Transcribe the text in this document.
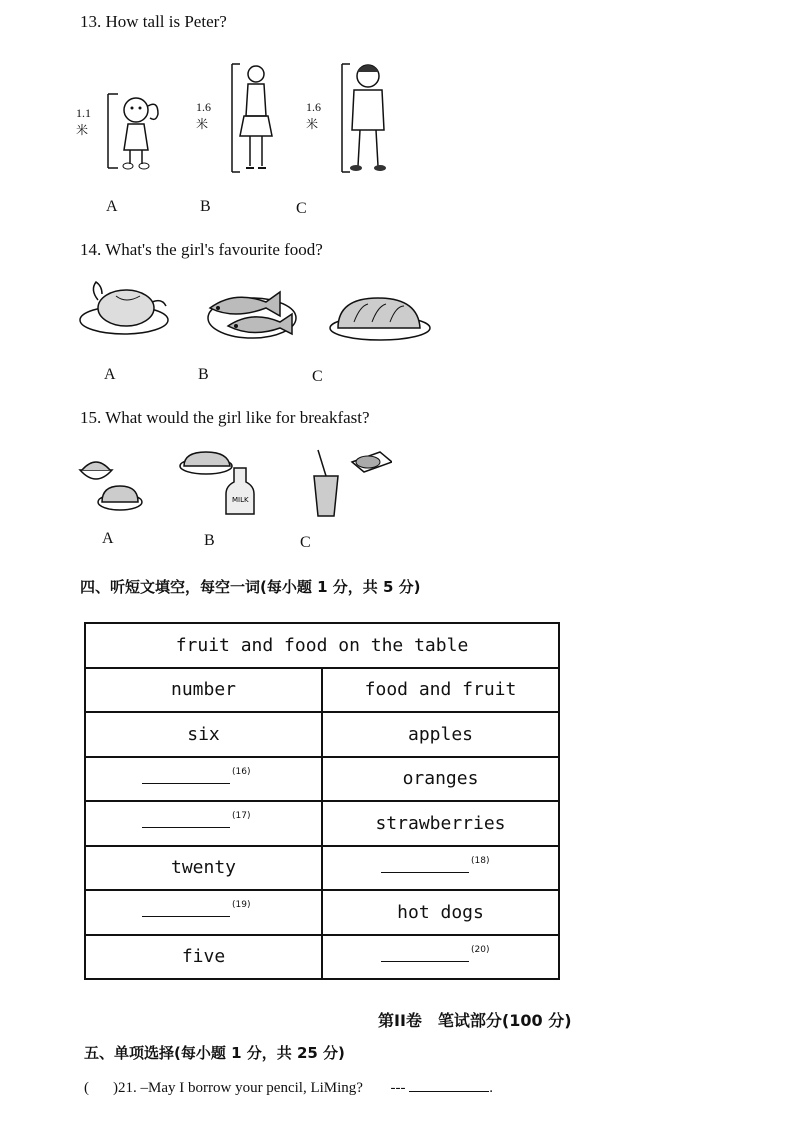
13. How tall is Peter?
1.1米
1.6米
1.6米
A	B	C
14. What's the girl's favourite food?
A	B	C
15. What would the girl like for breakfast?
MILK
A	B	C
四、听短文填空，每空一词(每小题 1 分，共 5 分)
fruit and food on the table	
number	food and fruit
six	apples

$^{(16)}$	oranges

$^{(17)}$	strawberries
twenty	$^{(18)}$

$^{(19)}$	hot dogs
five	$^{(20)}$
第II卷　笔试部分(100 分)
五、单项选择(每小题 1 分，共 25 分)
( )21. –May I borrow your pencil, LiMing? ---	.
